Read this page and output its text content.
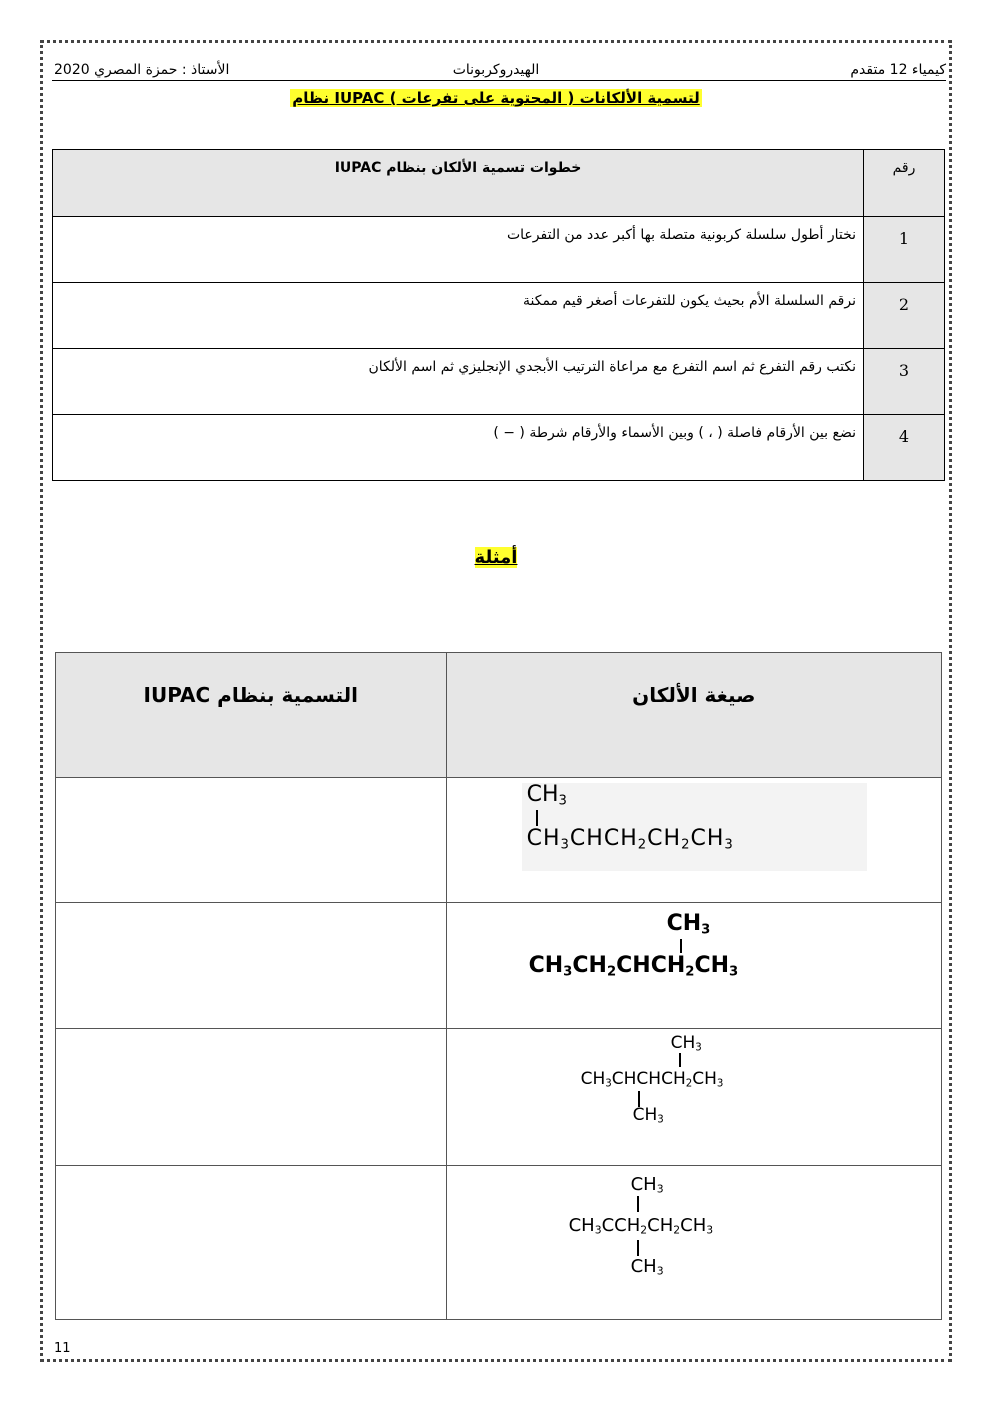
كيمياء 12 متقدم
الهيدروكربونات
الأستاذ : حمزة المصري 2020
نظام IUPAC لتسمية الألكانات ( المحتوية على تفرعات )
رقم	خطوات تسمية الألكان بنظام IUPAC
1	نختار أطول سلسلة كربونية متصلة بها أكبر عدد من التفرعات
2	نرقم السلسلة الأم بحيث يكون للتفرعات أصغر قيم ممكنة
3	نكتب رقم التفرع ثم اسم التفرع مع مراعاة الترتيب الأبجدي الإنجليزي ثم اسم الألكان
4	نضع بين الأرقام فاصلة ( ، ) وبين الأسماء والأرقام شرطة ( − )
أمثلة
صيغة الألكان	التسمية بنظام IUPAC

$CH_3$
$CH_3CHCH_2CH_2CH_3$

$CH_3$
$CH_3CH_2CHCH_2CH_3$

$CH_3$
$CH_3CHCHCH_2CH_3$
$CH_3$

$CH_3$
$CH_3CCH_2CH_2CH_3$
$CH_3$

11
